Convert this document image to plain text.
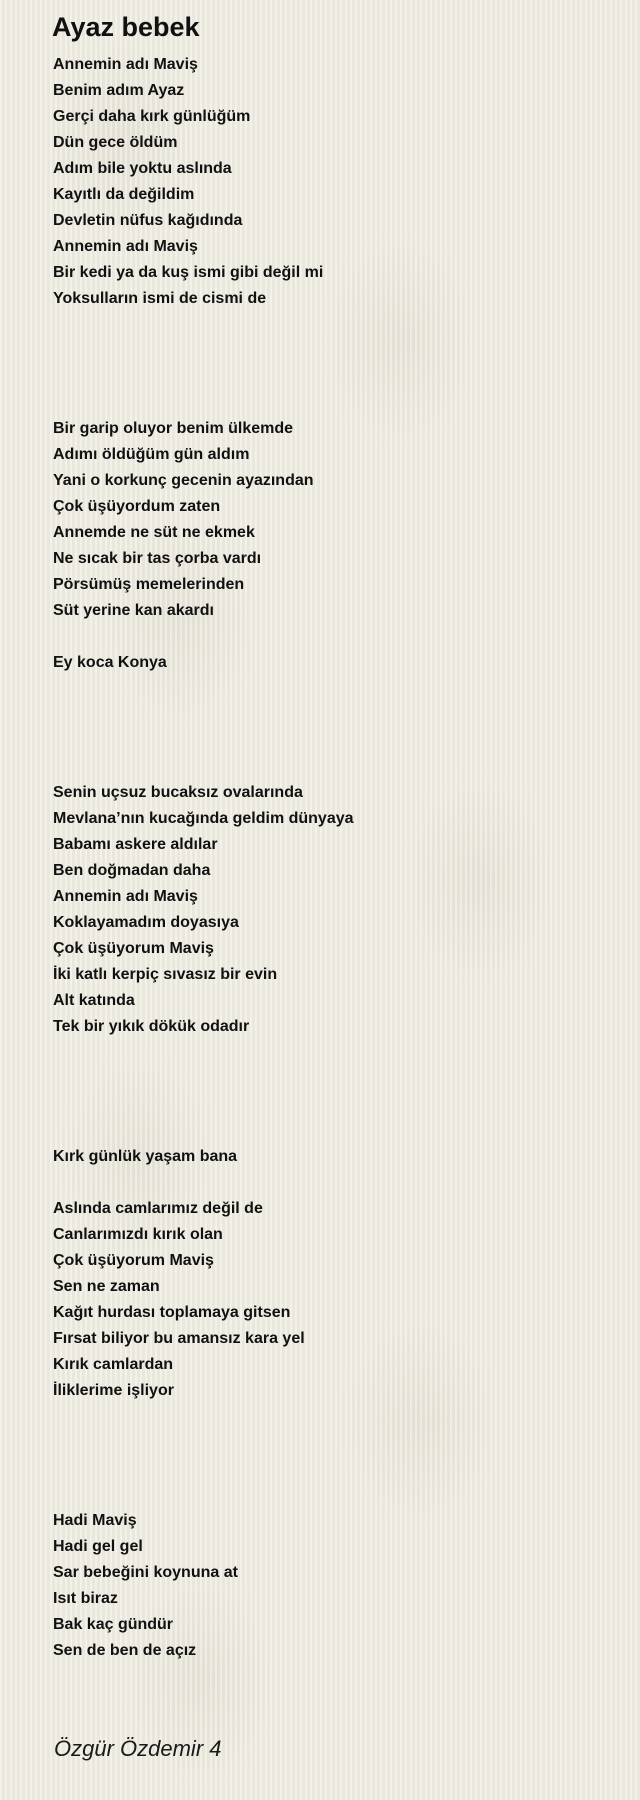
Ayaz bebek
Annemin adı Maviş
Benim adım Ayaz
Gerçi daha kırk günlüğüm
Dün gece öldüm
Adım bile yoktu aslında
Kayıtlı da değildim
Devletin nüfus kağıdında
Annemin adı Maviş
Bir kedi ya da kuş ismi gibi değil mi
Yoksulların ismi de cismi de
Bir garip oluyor benim ülkemde
Adımı öldüğüm gün aldım
Yani o korkunç gecenin ayazından
Çok üşüyordum zaten
Annemde ne süt ne ekmek
Ne sıcak bir tas çorba vardı
Pörsümüş memelerinden
Süt yerine kan akardı
Ey koca Konya
Senin uçsuz bucaksız ovalarında
Mevlana’nın kucağında geldim dünyaya
Babamı askere aldılar
Ben doğmadan daha
Annemin adı Maviş
Koklayamadım doyasıya
Çok üşüyorum Maviş
İki katlı kerpiç sıvasız bir evin
Alt katında
Tek bir yıkık dökük odadır
Kırk günlük yaşam bana
Aslında camlarımız değil de
Canlarımızdı kırık olan
Çok üşüyorum Maviş
Sen ne zaman
Kağıt hurdası toplamaya gitsen
Fırsat biliyor bu amansız kara yel
Kırık camlardan
İliklerime işliyor
Hadi Maviş
Hadi gel gel
Sar bebeğini koynuna at
Isıt biraz
Bak kaç gündür
Sen de ben de açız
Özgür Özdemir 4
